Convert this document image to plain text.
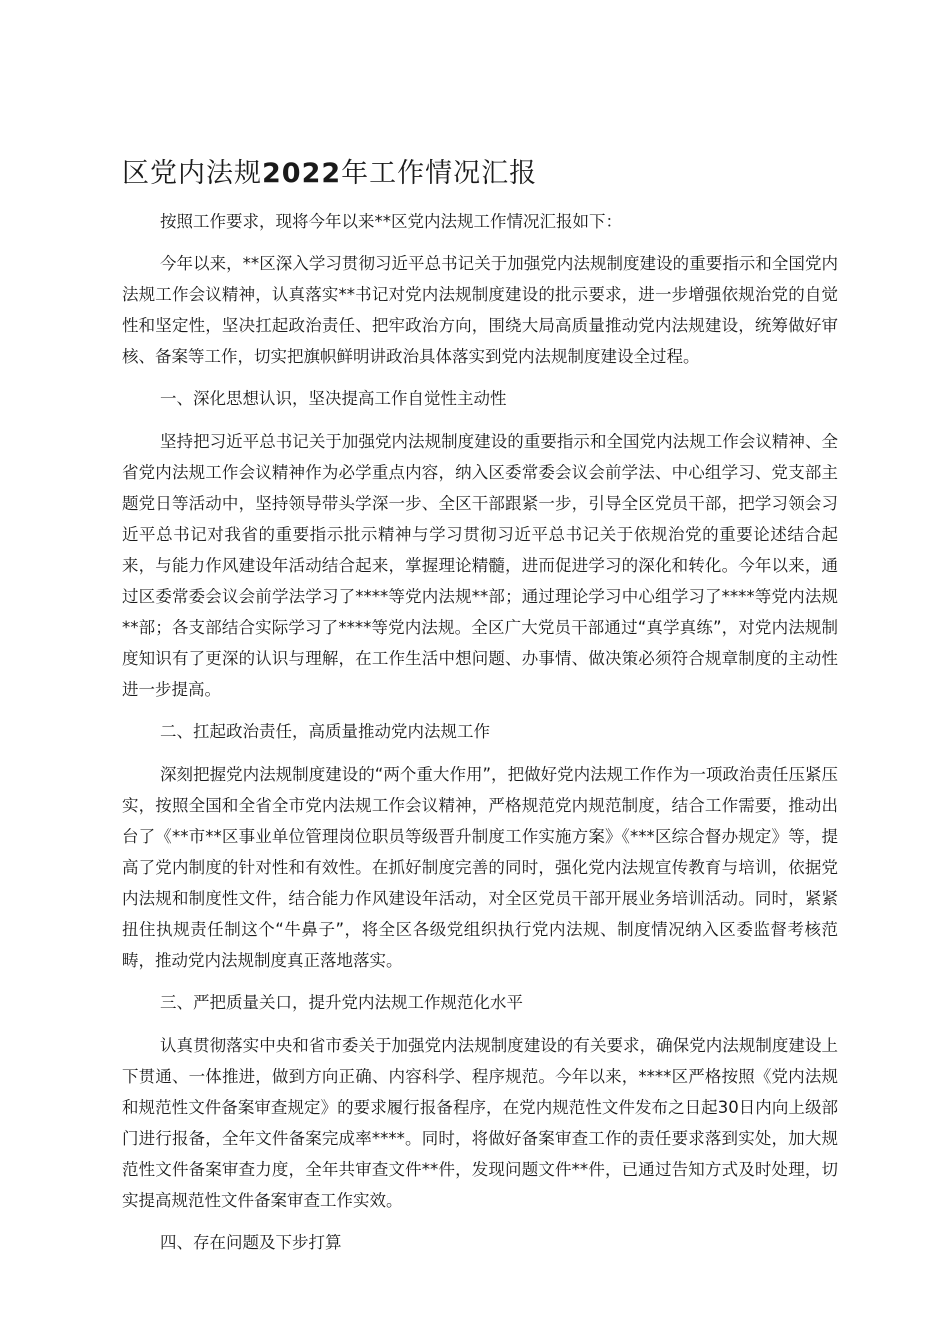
区党内法规2022年工作情况汇报

按照工作要求，现将今年以来**区党内法规工作情况汇报如下：

今年以来，**区深入学习贯彻习近平总书记关于加强党内法规制度建设的重要指示和全国党内法规工作会议精神，认真落实**书记对党内法规制度建设的批示要求，进一步增强依规治党的自觉性和坚定性，坚决扛起政治责任、把牢政治方向，围绕大局高质量推动党内法规建设，统筹做好审核、备案等工作，切实把旗帜鲜明讲政治具体落实到党内法规制度建设全过程。

一、深化思想认识，坚决提高工作自觉性主动性

坚持把习近平总书记关于加强党内法规制度建设的重要指示和全国党内法规工作会议精神、全省党内法规工作会议精神作为必学重点内容，纳入区委常委会议会前学法、中心组学习、党支部主题党日等活动中，坚持领导带头学深一步、全区干部跟紧一步，引导全区党员干部，把学习领会习近平总书记对我省的重要指示批示精神与学习贯彻习近平总书记关于依规治党的重要论述结合起来，与能力作风建设年活动结合起来，掌握理论精髓，进而促进学习的深化和转化。今年以来，通过区委常委会议会前学法学习了****等党内法规**部；通过理论学习中心组学习了****等党内法规**部；各支部结合实际学习了****等党内法规。全区广大党员干部通过“真学真练”，对党内法规制度知识有了更深的认识与理解，在工作生活中想问题、办事情、做决策必须符合规章制度的主动性进一步提高。

二、扛起政治责任，高质量推动党内法规工作

深刻把握党内法规制度建设的“两个重大作用”，把做好党内法规工作作为一项政治责任压紧压实，按照全国和全省全市党内法规工作会议精神，严格规范党内规范制度，结合工作需要，推动出台了《**市**区事业单位管理岗位职员等级晋升制度工作实施方案》《***区综合督办规定》等，提高了党内制度的针对性和有效性。在抓好制度完善的同时，强化党内法规宣传教育与培训，依据党内法规和制度性文件，结合能力作风建设年活动，对全区党员干部开展业务培训活动。同时，紧紧扭住执规责任制这个“牛鼻子”，将全区各级党组织执行党内法规、制度情况纳入区委监督考核范畴，推动党内法规制度真正落地落实。

三、严把质量关口，提升党内法规工作规范化水平

认真贯彻落实中央和省市委关于加强党内法规制度建设的有关要求，确保党内法规制度建设上下贯通、一体推进，做到方向正确、内容科学、程序规范。今年以来，****区严格按照《党内法规和规范性文件备案审查规定》的要求履行报备程序，在党内规范性文件发布之日起30日内向上级部门进行报备，全年文件备案完成率****。同时，将做好备案审查工作的责任要求落到实处，加大规范性文件备案审查力度，全年共审查文件**件，发现问题文件**件，已通过告知方式及时处理，切实提高规范性文件备案审查工作实效。

四、存在问题及下步打算
